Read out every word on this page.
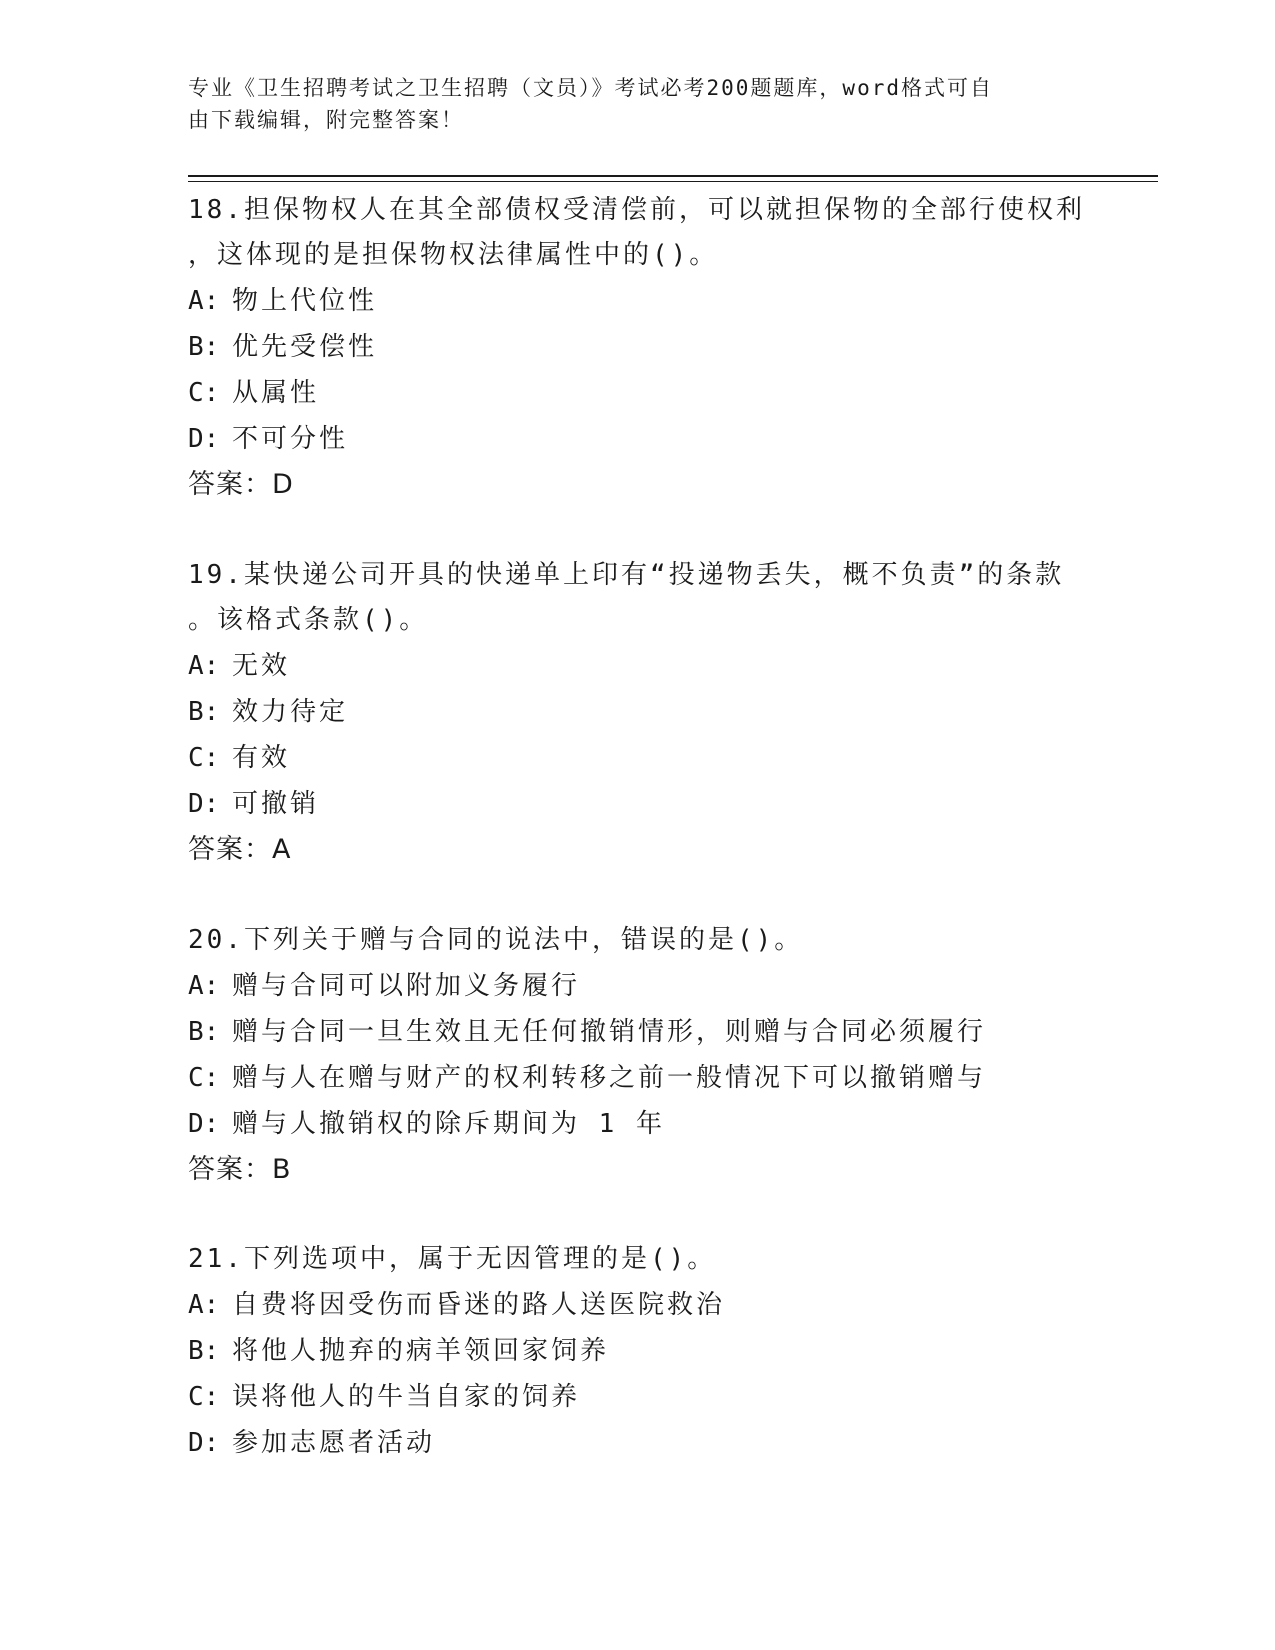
专业《卫生招聘考试之卫生招聘（文员）》考试必考200题题库，word格式可自
由下载编辑，附完整答案！
18.担保物权人在其全部债权受清偿前，可以就担保物的全部行使权利
，这体现的是担保物权法律属性中的()。
A: 物上代位性
B: 优先受偿性
C: 从属性
D: 不可分性
答案：D
19.某快递公司开具的快递单上印有“投递物丢失，概不负责”的条款
。该格式条款()。
A: 无效
B: 效力待定
C: 有效
D: 可撤销
答案：A
20.下列关于赠与合同的说法中，错误的是()。
A: 赠与合同可以附加义务履行
B: 赠与合同一旦生效且无任何撤销情形，则赠与合同必须履行
C: 赠与人在赠与财产的权利转移之前一般情况下可以撤销赠与
D: 赠与人撤销权的除斥期间为 1 年
答案：B
21.下列选项中，属于无因管理的是()。
A: 自费将因受伤而昏迷的路人送医院救治
B: 将他人抛弃的病羊领回家饲养
C: 误将他人的牛当自家的饲养
D: 参加志愿者活动
